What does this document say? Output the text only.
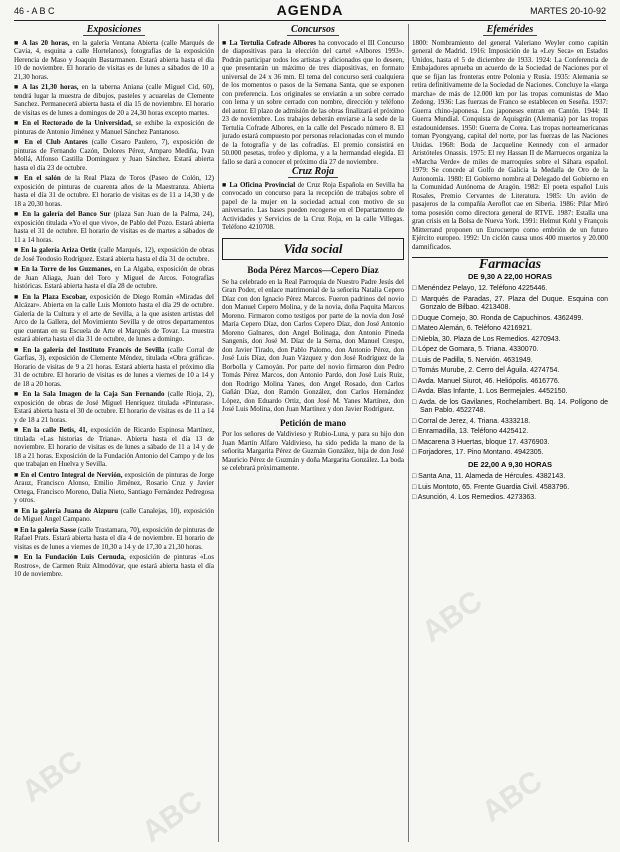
46 - A B C	AGENDA	MARTES 20-10-92
Exposiciones

■ A las 20 horas, en la galería Ventana Abierta (calle Marqués de Cavia, 4, esquina a calle Hortelanos), fotografías de la exposición Herencia de Maso y Joaquín Bastarmanen. Estará abierta hasta el día 10 de noviembre. El horario de visitas es de lunes a sábados de 10 a 21,30 horas.

■ A las 21,30 horas, en la taberna Aniana (calle Miguel Cid, 60), tendrá lugar la muestra de dibujos, pasteles y acuarelas de Clemente Sanchez. Permanecerá abierta hasta el día 15 de noviembre. El horario de visitas es de lunes a domingos de 20 a 24,30 horas excepto martes.

■ En el Rectorado de la Universidad, se exhibe la exposición de pinturas de Antonio Jiménez y Manuel Sánchez Pantanoso.

■ En el Club Antares (calle Cesaro Paulero, 7), exposición de pinturas de Fernando Cazón, Dolores Pérez, Amparo Mediña, Ivan Mollá, Alfonso Castilla Domínguez y Juan Sánchez. Estará abierta hasta el día 23 de octubre.

■ En el salón de la Real Plaza de Toros (Paseo de Colón, 12) exposición de pinturas de cuarenta años de la Maestranza. Abierta hasta el día 31 de octubre. El horario de visitas es de 11 a 14,30 y de 18 a 20,30 horas.

■ En la galería del Banco Sur (plaza San Juan de la Palma, 24), exposición titulada «Yo el que vivo», de Pablo del Pozo. Estará abierta hasta el 31 de octubre. El horario de visitas es de martes a sábados de 11 a 14 horas.

■ En la galería Ariza Ortiz (calle Marqués, 12), exposición de obras de José Teodosio Rodríguez. Estará abierta hasta el día 31 de octubre.

■ En la Torre de los Guzmanes, en La Algaba, exposición de obras de Juan Aliaga, Juan del Toro y Miguel de Arcos. Fotografías históricas. Estará abierta hasta el día 28 de octubre.

■ En la Plaza Escobar, exposición de Diego Román «Miradas del Alcázar». Abierta en la calle Luis Montoto hasta el día 29 de octubre. Galería de la Cultura y el arte de Sevilla, a la que asisten artistas del Arco de la Gallera, del Movimiento Sevilla y de otros departamentos que cuentan en su Escuela de Arte el Marqués de Tovar. La muestra estará abierta hasta el día 31 de octubre, de lunes a domingo.

■ En la galería del Instituto Francés de Sevilla (calle Corral de Garfias, 3), exposición de Clemente Méndez, titulada «Obra gráfica». Horario de visitas de 9 a 21 horas. Estará abierta hasta el próximo día 31 de octubre. El horario de visitas es de lunes a viernes de 10 a 14 y de 18 a 20 horas.

■ En la Sala Imagen de la Caja San Fernando (calle Rioja, 2), exposición de obras de José Miguel Henríquez titulada «Pinturas». Estará abierta hasta el 30 de octubre. El horario de visitas es de 11 a 14 y de 18 a 21 horas.

■ En la calle Betis, 41, exposición de Ricardo Espinosa Martínez, titulada «Las historias de Triana». Abierta hasta el día 13 de noviembre. El horario de visitas es de lunes a sábado de 11 a 14 y de 18 a 21 horas. Exposición de la Fundación Antonio del Campo y de los que trabajan en Huelva y Sevilla.

■ En el Centro Integral de Nervión, exposición de pinturas de Jorge Arauz, Francisco Alonso, Emilio Jiménez, Rosario Cruz y Javier Ortega, Francisco Moreno, Dalia Nieto, Santiago Fernández Pedregosa y otros.

■ En la galería Juana de Aizpuru (calle Canalejas, 10), exposición de Miguel Angel Campano.

■ En la galería Sasse (calle Trastamara, 70), exposición de pinturas de Rafael Prats. Estará abierta hasta el día 4 de noviembre. El horario de visitas es de lunes a viernes de 10,30 a 14 y de 17,30 a 21,30 horas.

■ En la Fundación Luis Cernuda, exposición de pinturas «Los Rostros», de Carmen Ruiz Almodóvar, que estará abierta hasta el día 10 de noviembre.

Concursos

■ La Tertulia Cofrade Albores ha convocado el III Concurso de diapositivas para la elección del cartel «Albores 1993». Podrán participar todos los artistas y aficionados que lo deseen, que presentarán un máximo de tres diapositivas, en formato universal de 24 x 36 mm. El tema del concurso será cualquiera de los momentos o pasos de la Semana Santa, que se exponen con preferencia. Los originales se enviarán a un sobre cerrado con lema y un sobre cerrado con nombre, dirección y teléfono del autor. El plazo de admisión de las obras finalizará el próximo 23 de noviembre. Los trabajos deberán enviarse a la sede de la Tertulia Cofrade Albores, en la calle del Pescado número 8. El jurado estará compuesto por personas relacionadas con el mundo de la fotografía y de las cofradías. El premio consistirá en 50.000 pesetas, trofeo y diploma, y a la hermandad elegida. El fallo se dará a conocer el próximo día 27 de noviembre.

Cruz Roja

■ La Oficina Provincial de Cruz Roja Española en Sevilla ha convocado un concurso para la recepción de trabajos sobre el papel de la mujer en la sociedad actual con motivo de su aniversario. Las bases pueden recogerse en el Departamento de Actividades y Servicios de la Cruz Roja, en la calle Villegas. Teléfono 4210708.

Vida social
Boda Pérez Marcos—Cepero Díaz

Se ha celebrado en la Real Parroquia de Nuestro Padre Jesús del Gran Poder, el enlace matrimonial de la señorita Natalia Cepero Díaz con don Ignacio Pérez Marcos. Fueron padrinos del novio don Manuel Cepero Molina, y de la novia, doña Paquita Marcos Moreno. Firmaron como testigos por parte de la novia don José María Cepero Díaz, don Carlos Cepero Díaz, don José Antonio Moreno Galnares, don Angel Bolinaga, don Antonio Pineda Sangenís, don José M. Díaz de la Serna, don Manuel Crespo, don Javier Tirado, don Pablo Palomo, don Antonio Pérez, don José Luis Díaz, don Juan Vázquez y don José Rodríguez de la Borbolla y Camoyán. Por parte del novio firmaron don Pedro Tomás Pérez Marcos, don Antonio Pardo, don José Luis Ruiz, don Rodrigo Molina Yanes, don Angel Rosado, don Carlos Gañán Díaz, don Ramón González, don Carlos Hernández López, don Eduardo Ortiz, don José M. Yanes Martínez, don José Luis Molina, don Juan Martínez y don Javier Rodríguez.

Petición de mano

Por los señores de Valdivieso y Rubio-Luna, y para su hijo don Juan Martín Alfaro Valdivieso, ha sido pedida la mano de la señorita Margarita Pérez de Guzmán González, hija de don José Mauricio Pérez de Guzmán y doña Margarita González. La boda se celebrará próximamente.

Efemérides

1800: Nombramiento del general Valeriano Weyler como capitán general de Madrid. 1916: Imposición de la «Ley Seca» en Estados Unidos, hasta el 5 de diciembre de 1933. 1924: La Conferencia de Embajadores aprueba un acuerdo de la Sociedad de Naciones por el que se fijan las fronteras entre Polonia y Rusia. 1935: Alemania se retira definitivamente de la Sociedad de Naciones. Concluye la «larga marcha» de más de 12.000 km por las tropas comunistas de Mao Zedong. 1936: Las fuerzas de Franco se establecen en Seseña. 1937: Guerra chino-japonesa. Los japoneses entran en Cantón. 1944: II Guerra Mundial. Conquista de Aquisgrán (Alemania) por las tropas estadounidenses. 1950: Guerra de Corea. Las tropas norteamericanas toman Pyongyang, capital del norte, por las fuerzas de las Naciones Unidas. 1968: Boda de Jacqueline Kennedy con el armador Aristóteles Onassis. 1975: El rey Hassan II de Marruecos organiza la «Marcha Verde» de miles de marroquíes sobre el Sáhara español. 1979: Se concede al Golfo de Galicia la Medalla de Oro de la Autonomía. 1980: El Gobierno nombra al Delegado del Gobierno en la Comunidad Autónoma de Aragón. 1982: El poeta español Luis Rosales, Premio Cervantes de Literatura. 1985: Un avión de pasajeros de la compañía Aeroflot cae en Siberia. 1986: Pilar Miró toma posesión como directora general de RTVE. 1987: Estalla una gran crisis en la Bolsa de Nueva York. 1991: Helmut Kohl y François Mitterrand proponen un Eurocuerpo como embrión de un futuro Ejército europeo. 1992: Un ciclón causa unos 400 muertos y 20.000 damnificados.

Farmacias
DE 9,30 A 22,00 HORAS

□ Menéndez Pelayo, 12. Teléfono 4225446.

□ Marqués de Paradas, 27. Plaza del Duque. Esquina con Gonzalo de Bilbao. 4213408.

□ Duque Cornejo, 30. Ronda de Capuchinos. 4362499.

□ Mateo Alemán, 6. Teléfono 4216921.

□ Niebla, 30. Plaza de Los Remedios. 4270943.

□ López de Gomara, 5. Triana. 4330070.

□ Luis de Padilla, 5. Nervión. 4631949.

□ Tomás Murube, 2. Cerro del Águila. 4274754.

□ Avda. Manuel Siurot, 46. Heliópolis. 4616776.

□ Avda. Blas Infante, 1. Los Bermejales. 4452150.

□ Avda. de los Gavilanes, Rochelambert. Bq. 14. Polígono de San Pablo. 4522748.

□ Corral de Jerez, 4. Triana. 4333218.

□ Enramadilla, 13. Teléfono 4425412.

□ Macarena 3 Huertas, bloque 17. 4376903.

□ Forjadores, 17. Pino Montano. 4942305.

DE 22,00 A 9,30 HORAS

□ Santa Ana, 11. Alameda de Hércules. 4382143.

□ Luis Montoto, 65. Frente Guardia Civil. 4583796.

□ Asunción, 4. Los Remedios. 4273363.

ABC
ABC
ABC
ABC
